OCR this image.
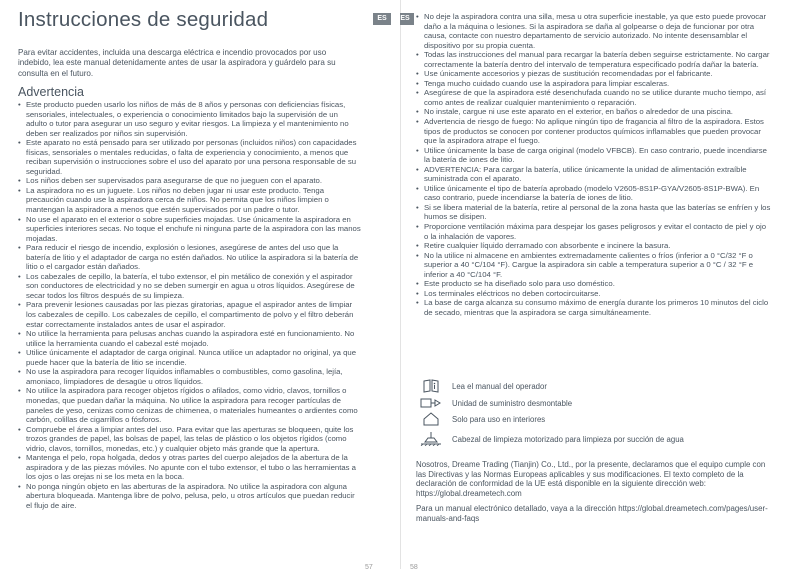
Instrucciones de seguridad	ES

Para evitar accidentes, incluida una descarga eléctrica e incendio provocados por uso indebido, lea este manual detenidamente antes de usar la aspiradora y guárdelo para su consulta en el futuro.

Advertencia
• Este producto pueden usarlo los niños de más de 8 años y personas con deficiencias físicas, sensoriales, intelectuales, o experiencia o conocimiento limitados bajo la supervisión de un adulto o tutor para asegurar un uso seguro y evitar riesgos. La limpieza y el mantenimiento no deben ser realizados por niños sin supervisión.
• Este aparato no está pensado para ser utilizado por personas (incluidos niños) con capacidades físicas, sensoriales o mentales reducidas, o falta de experiencia y conocimiento, a menos que reciban supervisión o instrucciones sobre el uso del aparato por una persona responsable de su seguridad.
• Los niños deben ser supervisados para asegurarse de que no jueguen con el aparato.
• La aspiradora no es un juguete. Los niños no deben jugar ni usar este producto. Tenga precaución cuando use la aspiradora cerca de niños. No permita que los niños limpien o mantengan la aspiradora a menos que estén supervisados por un padre o tutor.
• No use el aparato en el exterior o sobre superficies mojadas. Use únicamente la aspiradora en superficies interiores secas. No toque el enchufe ni ninguna parte de la aspiradora con las manos mojadas.
• Para reducir el riesgo de incendio, explosión o lesiones, asegúrese de antes del uso que la batería de litio y el adaptador de carga no estén dañados. No utilice la aspiradora si la batería de litio o el cargador están dañados.
• Los cabezales de cepillo, la batería, el tubo extensor, el pin metálico de conexión y el aspirador son conductores de electricidad y no se deben sumergir en agua u otros líquidos. Asegúrese de secar todos los filtros después de su limpieza.
• Para prevenir lesiones causadas por las piezas giratorias, apague el aspirador antes de limpiar los cabezales de cepillo. Los cabezales de cepillo, el compartimento de polvo y el filtro deberán estar correctamente instalados antes de usar el aspirador.
• No utilice la herramienta para pelusas anchas cuando la aspiradora esté en funcionamiento. No utilice la herramienta cuando el cabezal esté mojado.
• Utilice únicamente el adaptador de carga original. Nunca utilice un adaptador no original, ya que puede hacer que la batería de litio se incendie.
• No use la aspiradora para recoger líquidos inflamables o combustibles, como gasolina, lejía, amoniaco, limpiadores de desagüe u otros líquidos.
• No utilice la aspiradora para recoger objetos rígidos o afilados, como vidrio, clavos, tornillos o monedas, que puedan dañar la máquina. No utilice la aspiradora para recoger partículas de paneles de yeso, cenizas como cenizas de chimenea, o materiales humeantes o ardientes como carbón, colillas de cigarrillos o fósforos.
• Compruebe el área a limpiar antes del uso. Para evitar que las aperturas se bloqueen, quite los trozos grandes de papel, las bolsas de papel, las telas de plástico o los objetos rígidos (como vidrio, clavos, tornillos, monedas, etc.) y cualquier objeto más grande que la apertura.
• Mantenga el pelo, ropa holgada, dedos y otras partes del cuerpo alejados de la abertura de la aspiradora y de las piezas móviles. No apunte con el tubo extensor, el tubo o las herramientas a los ojos o las orejas ni se los meta en la boca.
• No ponga ningún objeto en las aberturas de la aspiradora. No utilice la aspiradora con alguna abertura bloqueada. Mantenga libre de polvo, pelusa, pelo, u otros artículos que puedan reducir el flujo de aire.
57
ES
•	No deje la aspiradora contra una silla, mesa u otra superficie inestable, ya que esto puede provocar daño a la máquina o lesiones. Si la aspiradora se daña al golpearse o deja de funcionar por otra causa, contacte con nuestro departamento de servicio autorizado. No intente desensamblar el dispositivo por su propia cuenta.
• Todas las instrucciones del manual para recargar la batería deben seguirse estrictamente. No cargar correctamente la batería dentro del intervalo de temperatura especificado podría dañar la batería.
• Use únicamente accesorios y piezas de sustitución recomendadas por el fabricante.
• Tenga mucho cuidado cuando use la aspiradora para limpiar escaleras.
• Asegúrese de que la aspiradora esté desenchufada cuando no se utilice durante mucho tiempo, así como antes de realizar cualquier mantenimiento o reparación.
• No instale, cargue ni use este aparato en el exterior, en baños o alrededor de una piscina.
• Advertencia de riesgo de fuego: No aplique ningún tipo de fragancia al filtro de la aspiradora. Estos tipos de productos se conocen por contener productos químicos inflamables que pueden provocar que la aspiradora atrape el fuego.
• Utilice únicamente la base de carga original (modelo VFBCB). En caso contrario, puede incendiarse la batería de iones de litio.
• ADVERTENCIA: Para cargar la batería, utilice únicamente la unidad de alimentación extraíble suministrada con el aparato.
• Utilice únicamente el tipo de batería aprobado (modelo V2605-8S1P-GYA/V2605-8S1P-BWA). En caso contrario, puede incendiarse la batería de iones de litio.
• Si se libera material de la batería, retire al personal de la zona hasta que las baterías se enfríen y los humos se disipen.
• Proporcione ventilación máxima para despejar los gases peligrosos y evitar el contacto de piel y ojo o la inhalación de vapores.
• Retire cualquier líquido derramado con absorbente e incinere la basura.
• No la utilice ni almacene en ambientes extremadamente calientes o fríos (inferior a 0 °C/32 °F o superior a 40 °C/104 °F). Cargue la aspiradora sin cable a temperatura superior a 0 °C / 32 °F e inferior a 40 °C/104 °F.
• Este producto se ha diseñado solo para uso doméstico.
• Los terminales eléctricos no deben cortocircuitarse.
• La base de carga alcanza su consumo máximo de energía durante los primeros 10 minutos del ciclo de secado, mientras que la aspiradora se carga simultáneamente.
Lea el manual del operador
Unidad de suministro desmontable
Solo para uso en interiores
Cabezal de limpieza motorizado para limpieza por succión de agua

Nosotros, Dreame Trading (Tianjin) Co., Ltd., por la presente, declaramos que el equipo cumple con las Directivas y las Normas Europeas aplicables y sus modificaciones. El texto completo de la declaración de conformidad de la UE está disponible en la siguiente dirección web: https://global.dreametech.com

Para un manual electrónico detallado, vaya a la dirección https://global.dreametech.com/pages/user-manuals-and-faqs

58
